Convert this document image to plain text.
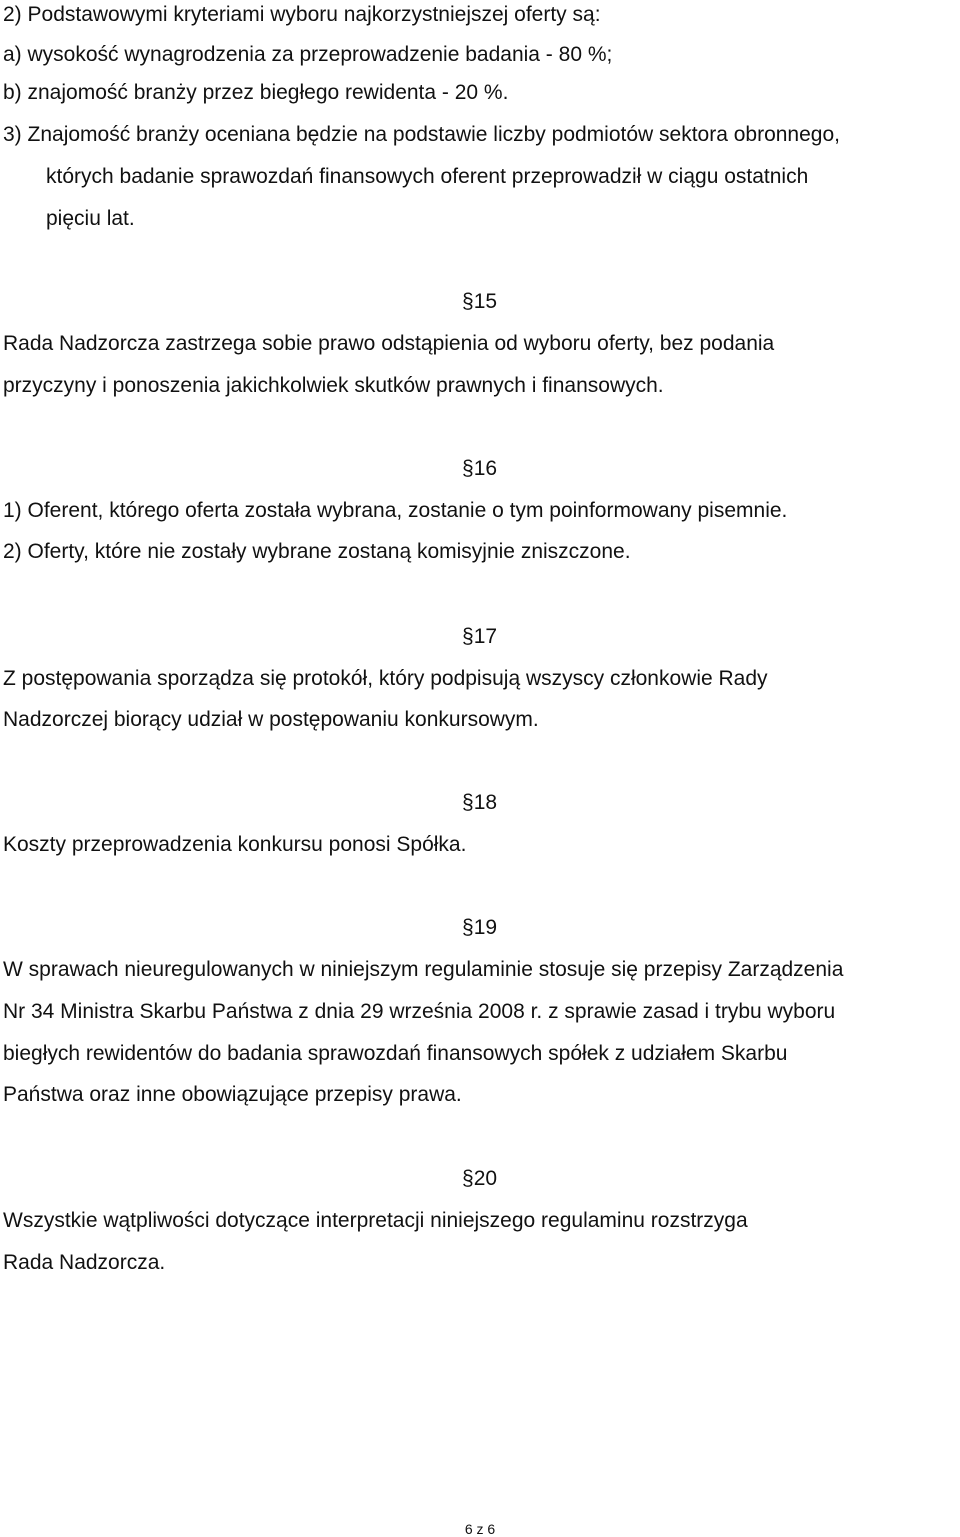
2) Podstawowymi kryteriami wyboru najkorzystniejszej oferty są:

a) wysokość wynagrodzenia za przeprowadzenie badania - 80 %;

b) znajomość branży przez biegłego rewidenta - 20 %.

3) Znajomość branży oceniana będzie na podstawie liczby podmiotów sektora obronnego,

których badanie sprawozdań finansowych oferent przeprowadził w ciągu ostatnich

pięciu lat.

§15

Rada Nadzorcza zastrzega sobie prawo odstąpienia od wyboru oferty, bez podania

przyczyny i ponoszenia jakichkolwiek skutków prawnych i finansowych.

§16

1) Oferent, którego oferta została wybrana, zostanie o tym poinformowany pisemnie.

2) Oferty, które nie zostały wybrane zostaną komisyjnie zniszczone.

§17

Z postępowania sporządza się protokół, który podpisują wszyscy członkowie Rady

Nadzorczej biorący udział w postępowaniu konkursowym.

§18

Koszty przeprowadzenia konkursu ponosi Spółka.

§19

W sprawach nieuregulowanych w niniejszym regulaminie stosuje się przepisy Zarządzenia

Nr 34 Ministra Skarbu Państwa z dnia 29 września 2008 r. z sprawie zasad i trybu wyboru

biegłych rewidentów do badania sprawozdań finansowych spółek z udziałem Skarbu

Państwa oraz inne obowiązujące przepisy prawa.

§20

Wszystkie wątpliwości dotyczące interpretacji niniejszego regulaminu rozstrzyga

Rada Nadzorcza.

6 z 6
